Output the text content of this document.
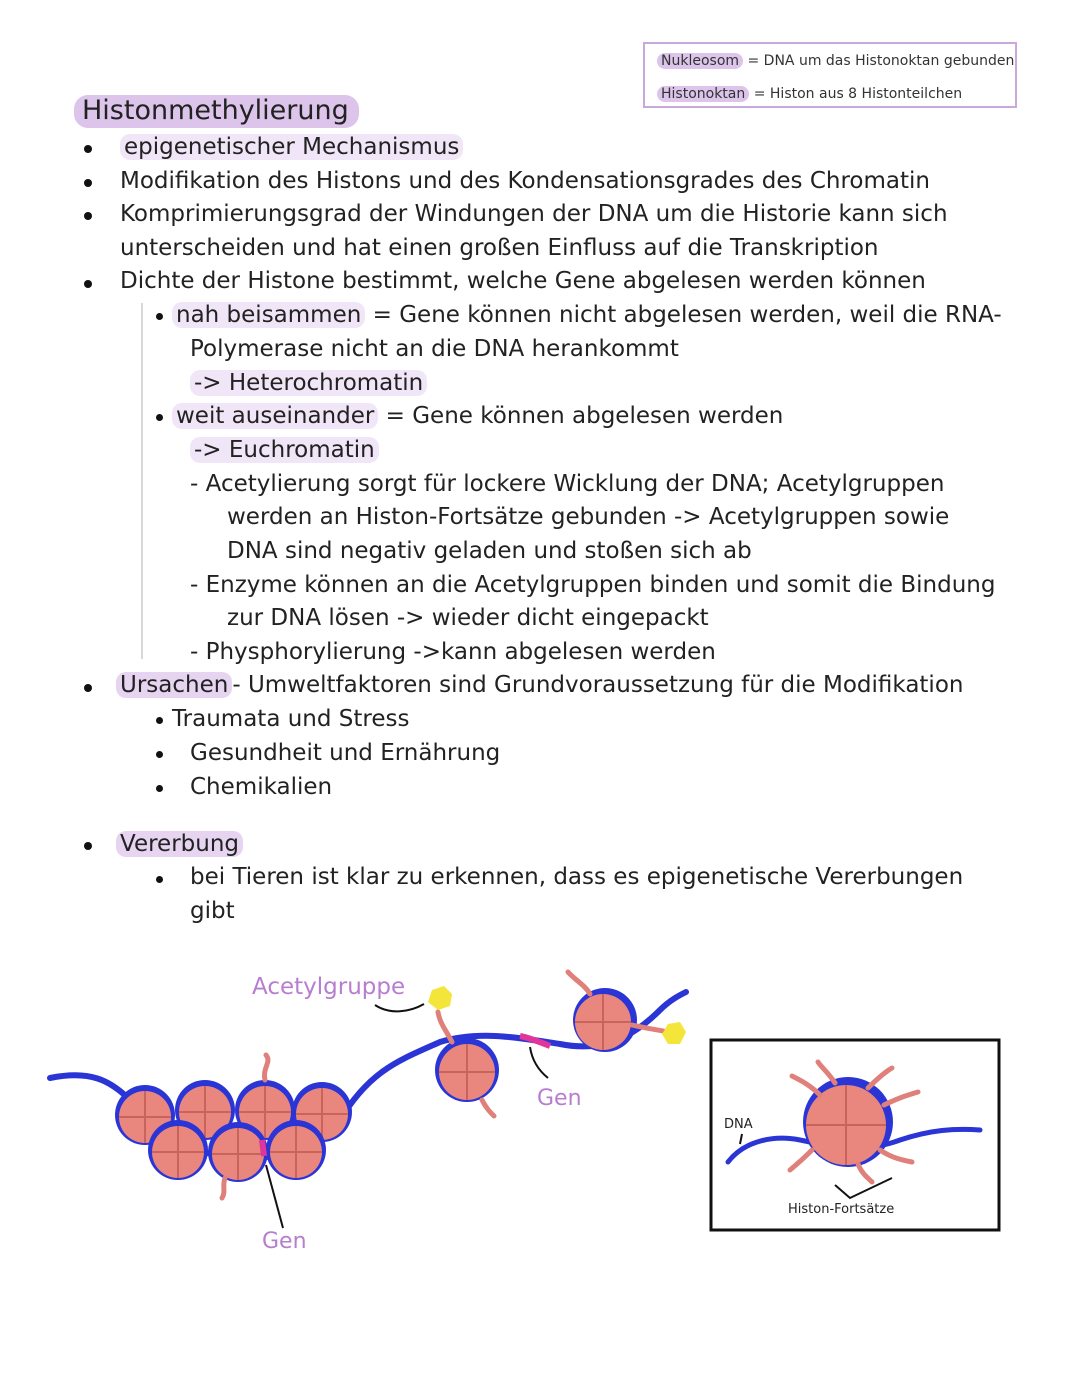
Nukleosom = DNA um das Histonoktan gebunden
Histonoktan = Histon aus 8 Histonteilchen
Histonmethylierung
epigenetischer Mechanismus
Modifikation des Histons und des Kondensationsgrades des Chromatin
Komprimierungsgrad der Windungen der DNA um die Historie kann sich
unterscheiden und hat einen großen Einfluss auf die Transkription
Dichte der Histone bestimmt, welche Gene abgelesen werden können
nah beisammen = Gene können nicht abgelesen werden, weil die RNA-
Polymerase nicht an die DNA herankommt
-> Heterochromatin
weit auseinander = Gene können abgelesen werden
-> Euchromatin
- Acetylierung sorgt für lockere Wicklung der DNA; Acetylgruppen
werden an Histon-Fortsätze gebunden -> Acetylgruppen sowie
DNA sind negativ geladen und stoßen sich ab
- Enzyme können an die Acetylgruppen binden und somit die Bindung
zur DNA lösen -> wieder dicht eingepackt
- Physphorylierung ->kann abgelesen werden
Ursachen - Umweltfaktoren sind Grundvoraussetzung für die Modifikation
Traumata und Stress
Gesundheit und Ernährung
Chemikalien
Vererbung
bei Tieren ist klar zu erkennen, dass es epigenetische Vererbungen
gibt
Gen
Acetylgruppe
Gen
DNA
Histon-Fortsätze
